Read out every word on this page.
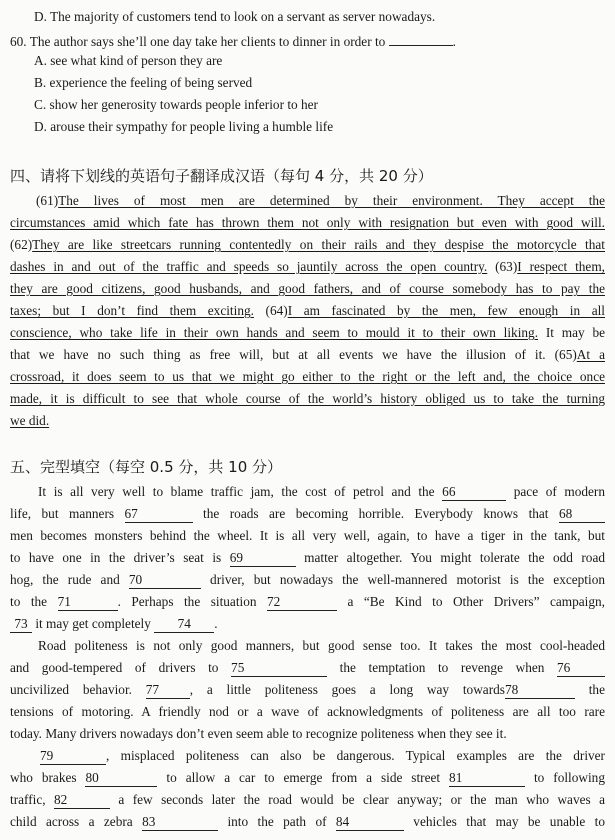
D. The majority of customers tend to look on a servant as server nowadays.
60. The author says she’ll one day take her clients to dinner in order to	.
A. see what kind of person they are
B. experience the feeling of being served
C. show her generosity towards people inferior to her
D. arouse their sympathy for people living a humble life
四、请将下划线的英语句子翻译成汉语（每句 4 分，共 20 分）
(61)The lives of most men are determined by their environment. They accept the
circumstances amid which fate has thrown them not only with resignation but even with good will.
(62)They are like streetcars running contentedly on their rails and they despise the motorcycle that
dashes in and out of the traffic and speeds so jauntily across the open country. (63)I respect them,
they are good citizens, good husbands, and good fathers, and of course somebody has to pay the
taxes; but I don’t find them exciting. (64)I am fascinated by the men, few enough in all
conscience, who take life in their own hands and seem to mould it to their own liking. It may be
that we have no such thing as free will, but at all events we have the illusion of it. (65)At a
crossroad, it does seem to us that we might go either to the right or the left and, the choice once
made, it is difficult to see that whole course of the world’s history obliged us to take the turning
we did.
五、完型填空（每空 0.5 分，共 10 分）
It is all very well to blame traffic jam, the cost of petrol and the 66	pace of modern
life, but manners 67	the roads are becoming horrible. Everybody knows that 68
men becomes monsters behind the wheel. It is all very well, again, to have a tiger in the tank, but
to have one in the driver’s seat is 69	matter altogether. You might tolerate the odd road
hog, the rude and 70	driver, but nowadays the well-mannered motorist is the exception
to the 71	. Perhaps the situation 72	a “Be Kind to Other Drivers” campaign,
73 it may get completely 74 .
Road politeness is not only good manners, but good sense too. It takes the most cool-headed
and good-tempered of drivers to 75	the temptation to revenge when 76
uncivilized behavior. 77 , a little politeness goes a long way towards78	the
tensions of motoring. A friendly nod or a wave of acknowledgments of politeness are all too rare
today. Many drivers nowadays don’t even seem able to recognize politeness when they see it.
79	, misplaced politeness can also be dangerous. Typical examples are the driver
who brakes 80	to allow a car to emerge from a side street 81	to following
traffic, 82	a few seconds later the road would be clear anyway; or the man who waves a
child across a zebra 83	into the path of 84	vehicles that may be unable to
